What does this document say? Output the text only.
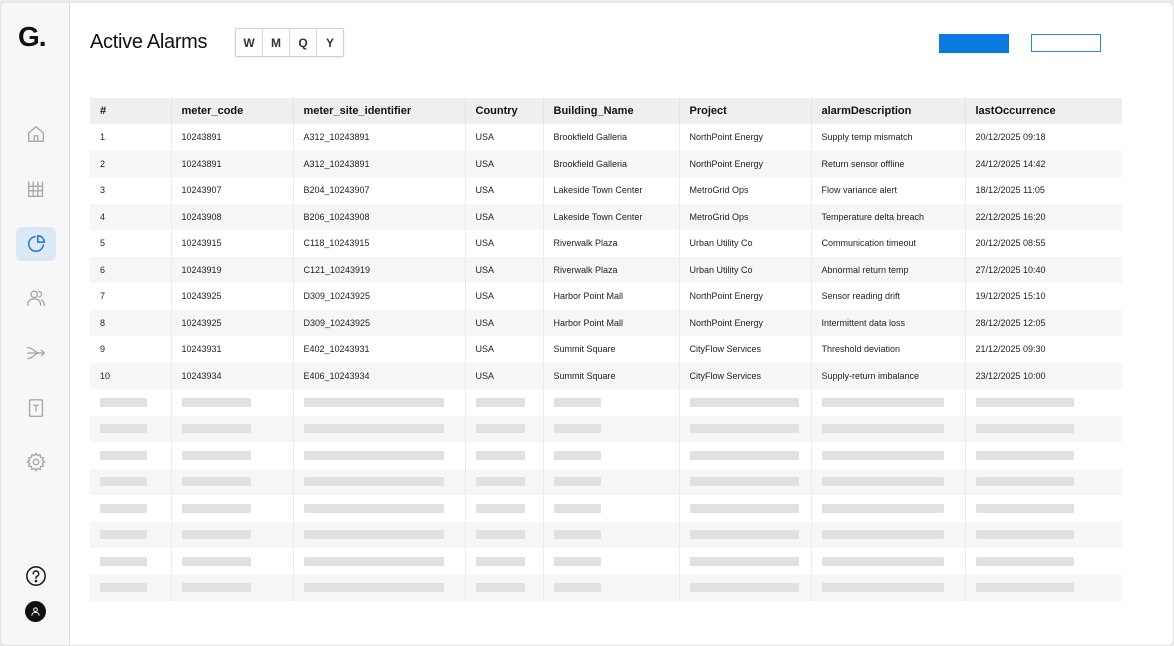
G. Active Alarms	W	M	Q	Y
#	meter_code	meter_site_identifier	Country	Building_Name	Project	alarmDescription	lastOccurrence
1	10243891	A312_10243891	USA	Brookfield Galleria	NorthPoint Energy	Supply temp mismatch	20/12/2025 09:18
2	10243891	A312_10243891	USA	Brookfield Galleria	NorthPoint Energy	Return sensor offline	24/12/2025 14:42
3	10243907	B204_10243907	USA	Lakeside Town Center	MetroGrid Ops	Flow variance alert	18/12/2025 11:05
4	10243908	B206_10243908	USA	Lakeside Town Center	MetroGrid Ops	Temperature delta breach	22/12/2025 16:20
5	10243915	C118_10243915	USA	Riverwalk Plaza	Urban Utility Co	Communication timeout	20/12/2025 08:55
6	10243919	C121_10243919	USA	Riverwalk Plaza	Urban Utility Co	Abnormal return temp	27/12/2025 10:40
7	10243925	D309_10243925	USA	Harbor Point Mall	NorthPoint Energy	Sensor reading drift	19/12/2025 15:10
8	10243925	D309_10243925	USA	Harbor Point Mall	NorthPoint Energy	Intermittent data loss	28/12/2025 12:05
9	10243931	E402_10243931	USA	Summit Square	CityFlow Services	Threshold deviation	21/12/2025 09:30
10	10243934	E406_10243934	USA	Summit Square	CityFlow Services	Supply-return imbalance	23/12/2025 10:00
